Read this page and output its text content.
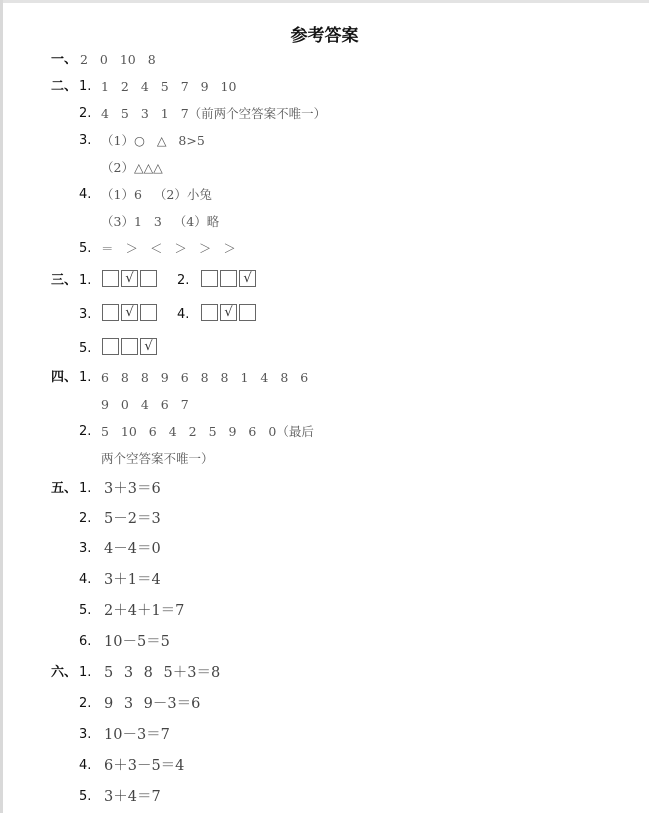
参考答案
一、 2 0 10 8
二、 1. 1 2 4 5 7 9 10
2. 4 5 3 1 7（前两个空答案不唯一）
3. （1）○ △ 8>5
（2）△△△
4. （1）6 （2）小兔
（3）1 3 （4）略
5. ＝ ＞ ＜ ＞ ＞ ＞
三、 1.	√	2.	√
3.	√	4.	√
5.	√
四、 1. 6 8 8 9 6 8 8 1 4 8 6
9 0 4 6 7
2. 5 10 6 4 2 5 9 6 0（最后
两个空答案不唯一）
五、 1. 3＋3＝6
2. 5－2＝3
3. 4－4＝0
4. 3＋1＝4
5. 2＋4＋1＝7
6. 10－5＝5
六、 1. 5 3 8 5＋3＝8
2. 9 3 9－3＝6
3. 10－3＝7
4. 6＋3－5＝4
5. 3＋4＝7
